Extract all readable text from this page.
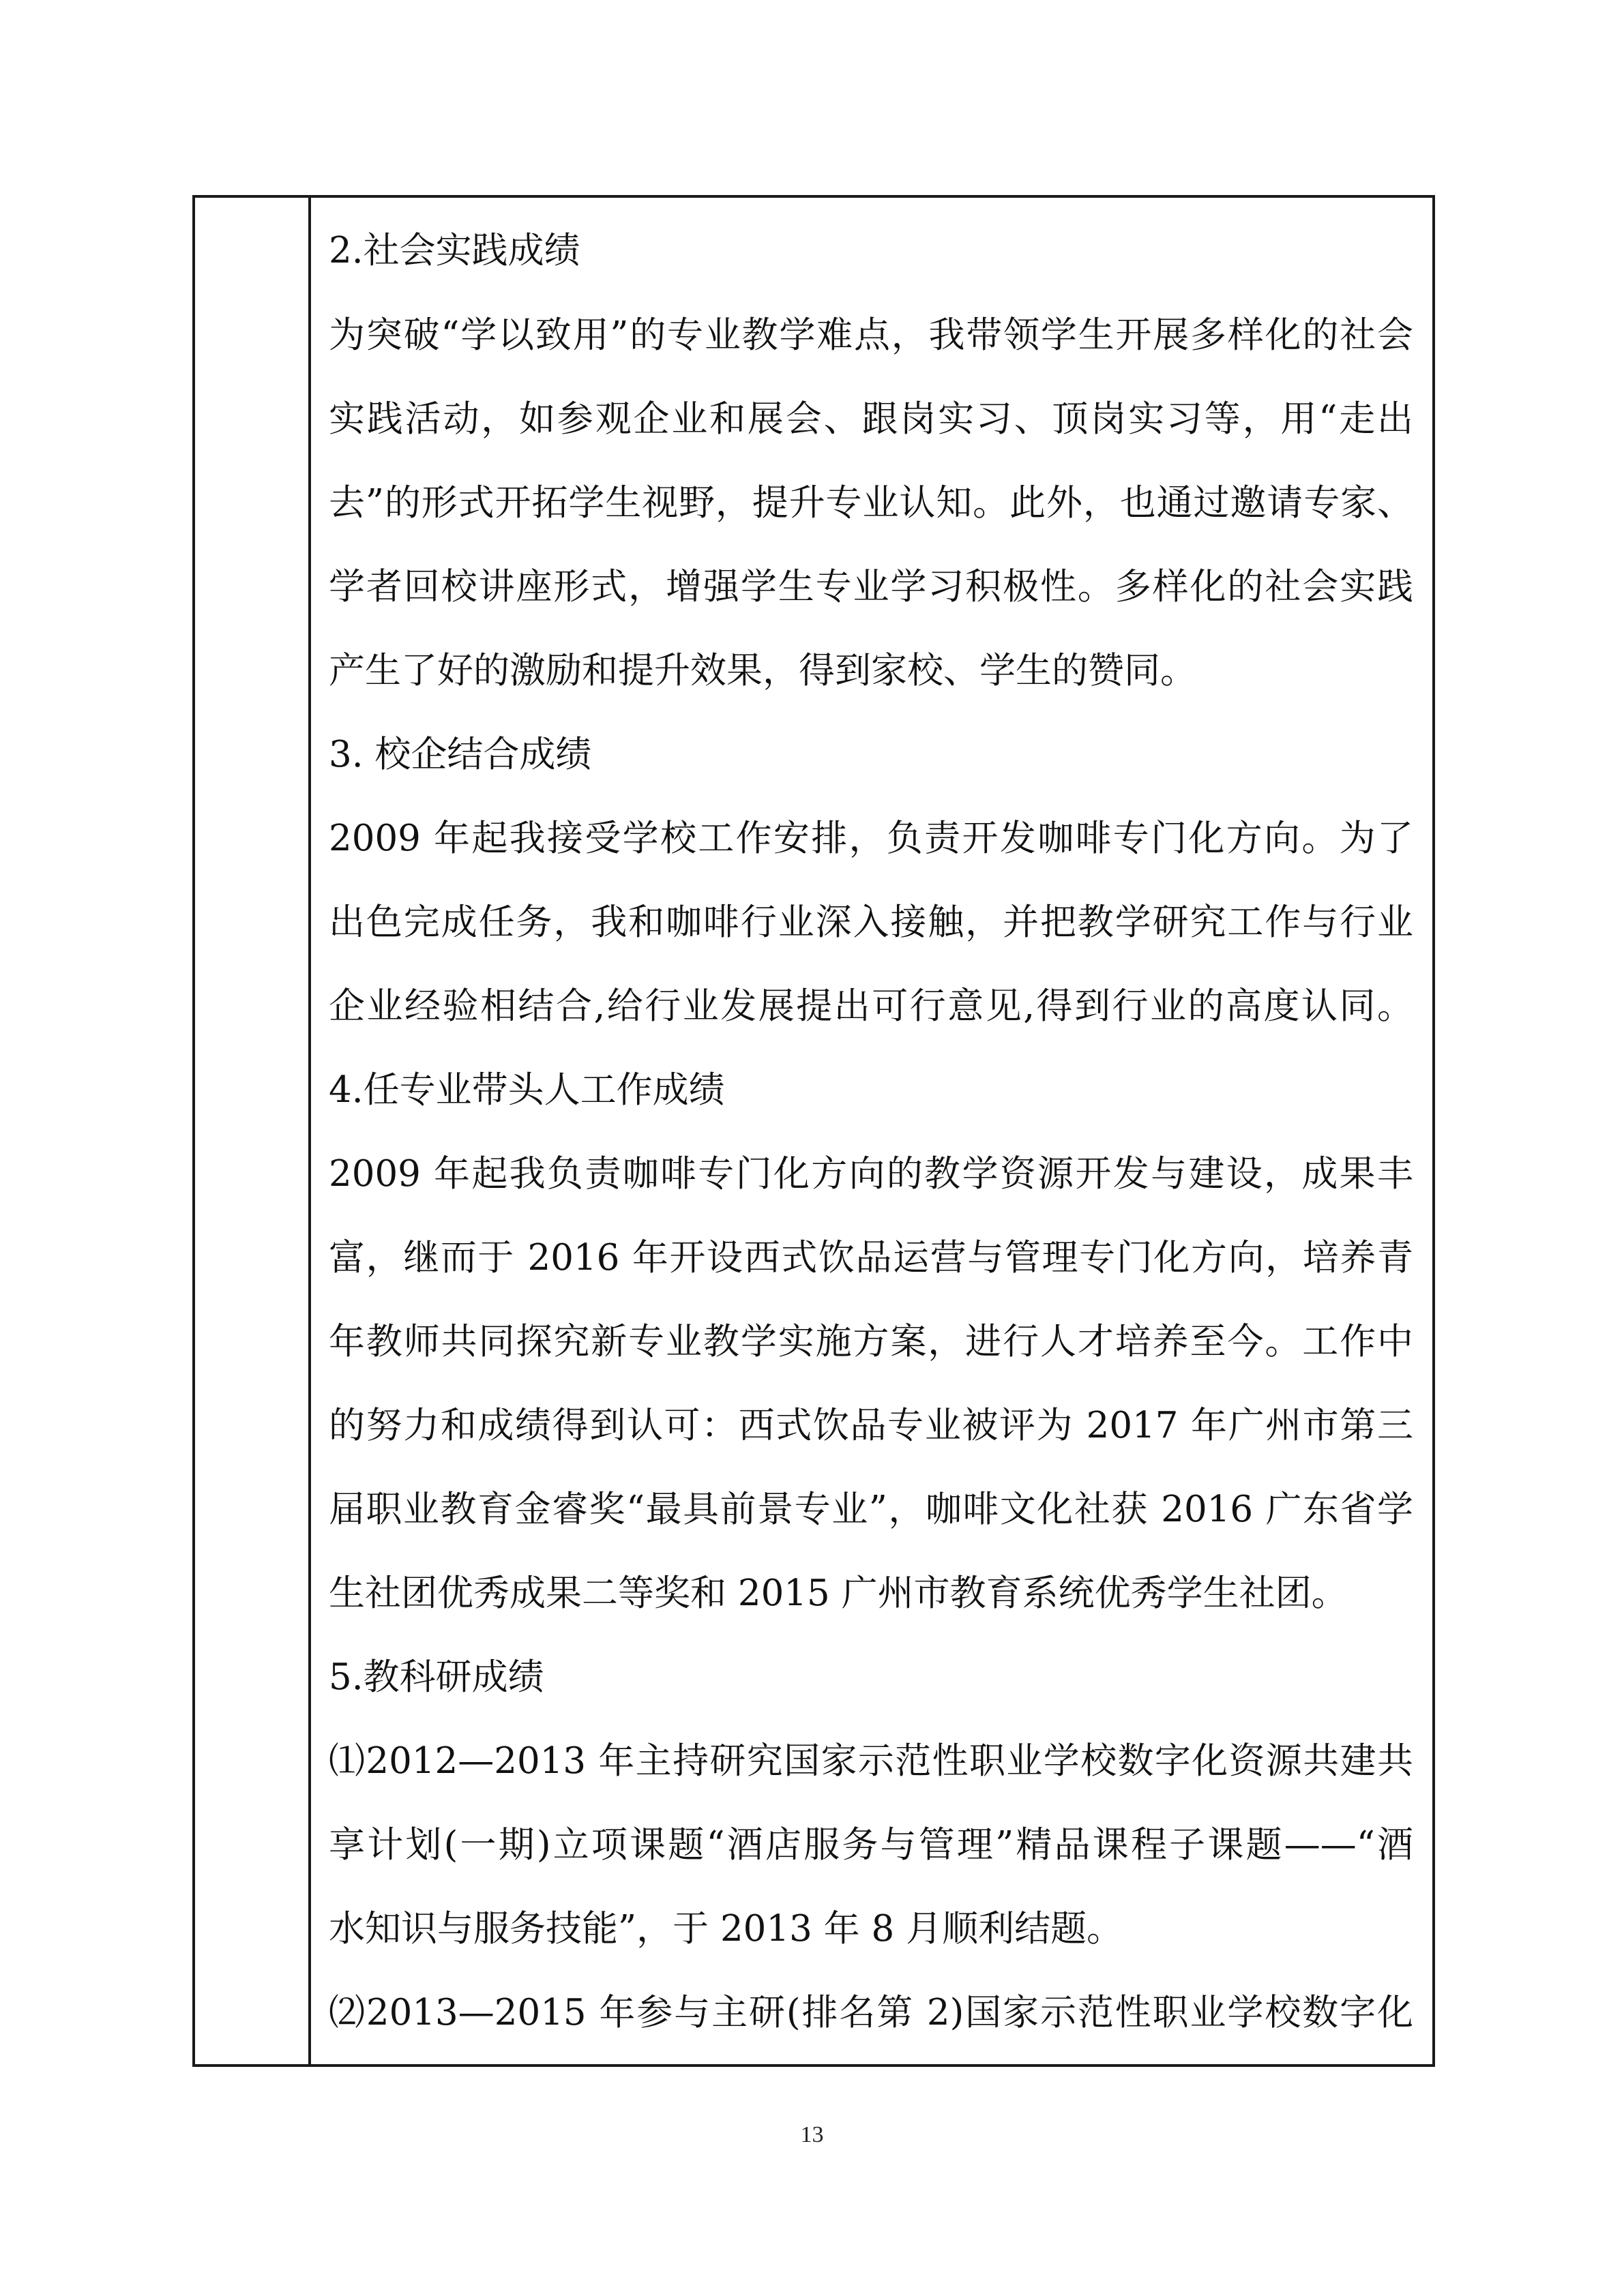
2.社会实践成绩
为突破“学以致用”的专业教学难点，我带领学生开展多样化的社会
实践活动，如参观企业和展会、跟岗实习、顶岗实习等，用“走出
去”的形式开拓学生视野，提升专业认知。此外，也通过邀请专家、
学者回校讲座形式，增强学生专业学习积极性。多样化的社会实践
产生了好的激励和提升效果，得到家校、学生的赞同。
3. 校企结合成绩
2009 年起我接受学校工作安排，负责开发咖啡专门化方向。为了
出色完成任务，我和咖啡行业深入接触，并把教学研究工作与行业
企业经验相结合,给行业发展提出可行意见,得到行业的高度认同。
4.任专业带头人工作成绩
2009 年起我负责咖啡专门化方向的教学资源开发与建设，成果丰
富，继而于 2016 年开设西式饮品运营与管理专门化方向，培养青
年教师共同探究新专业教学实施方案，进行人才培养至今。工作中
的努力和成绩得到认可：西式饮品专业被评为 2017 年广州市第三
届职业教育金睿奖“最具前景专业”，咖啡文化社获 2016 广东省学
生社团优秀成果二等奖和 2015 广州市教育系统优秀学生社团。
5.教科研成绩
⑴2012—2013 年主持研究国家示范性职业学校数字化资源共建共
享计划(一期)立项课题“酒店服务与管理”精品课程子课题——“酒
水知识与服务技能”，于 2013 年 8 月顺利结题。
⑵2013—2015 年参与主研(排名第 2)国家示范性职业学校数字化
13
